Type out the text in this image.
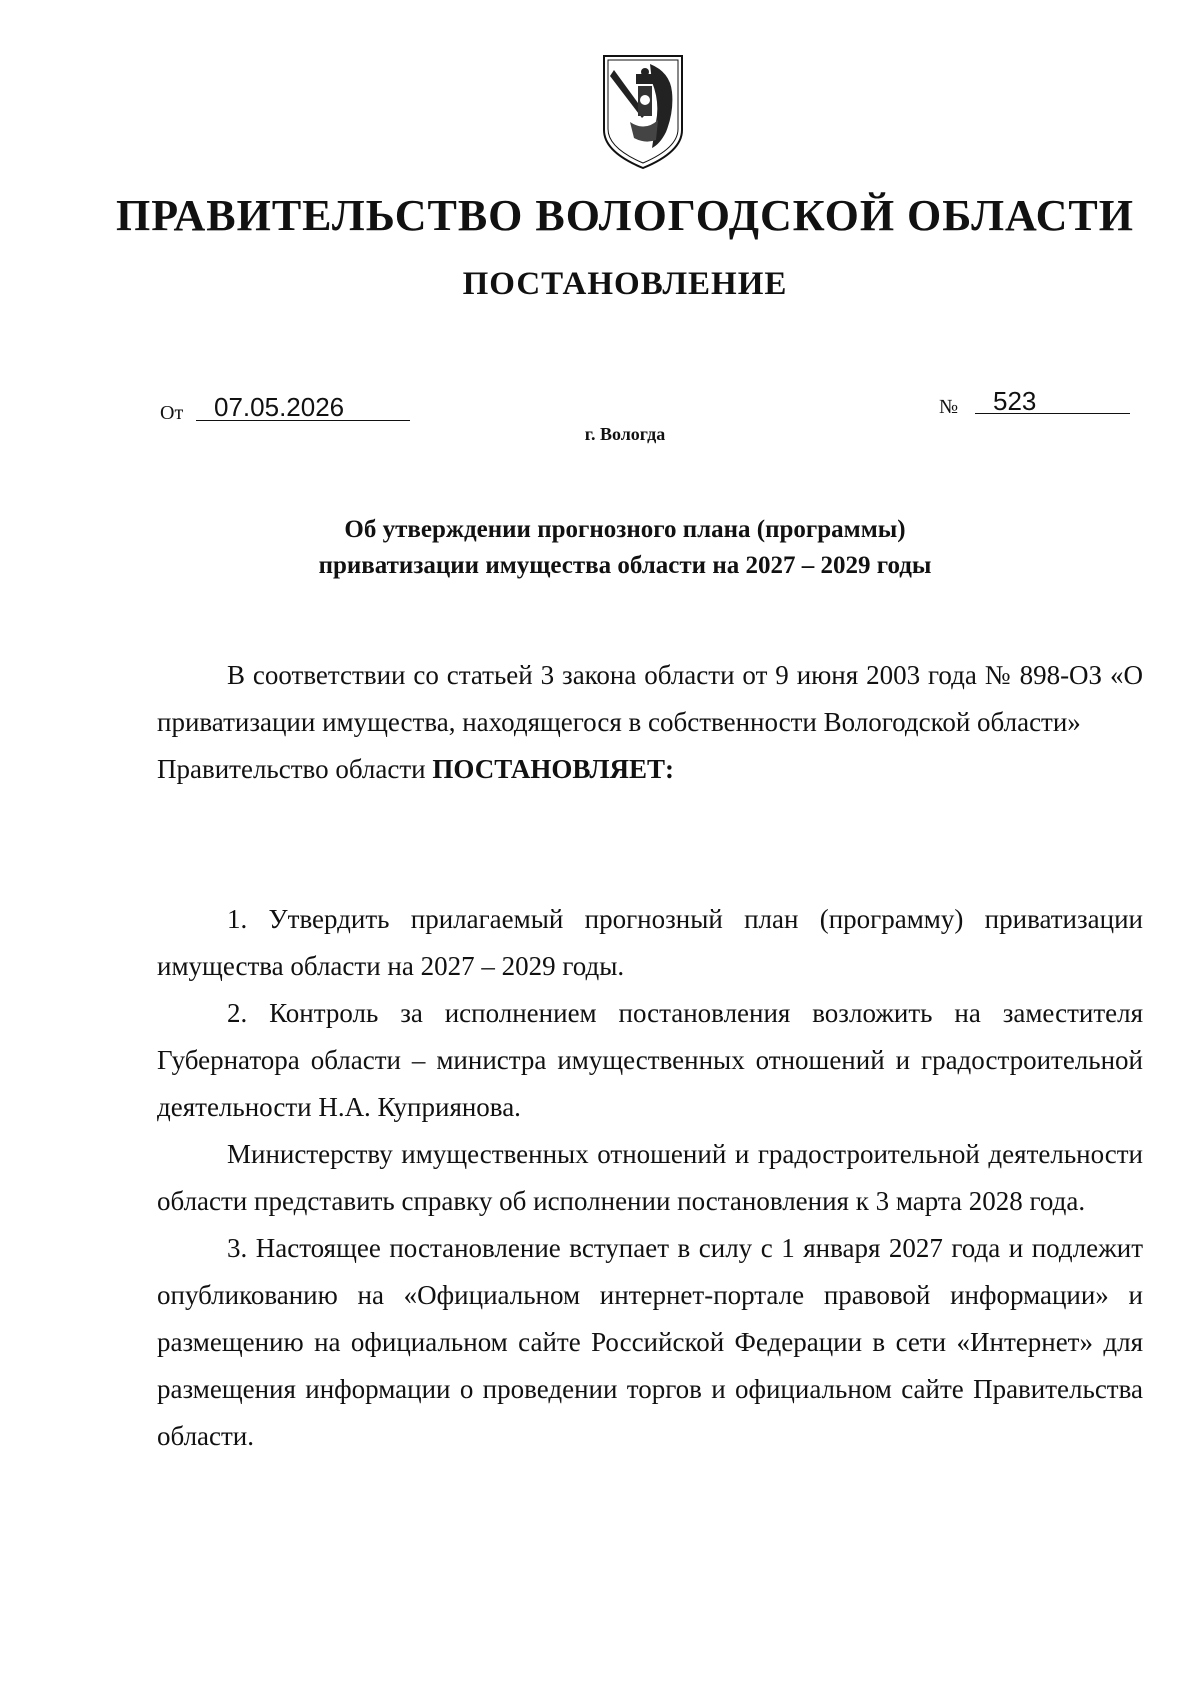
ПРАВИТЕЛЬСТВО ВОЛОГОДСКОЙ ОБЛАСТИ
ПОСТАНОВЛЕНИЕ
От 07.05.2026	№ 523
г. Вологда
Об утверждении прогнозного плана (программы)
приватизации имущества области на 2027 – 2029 годы

В соответствии со статьей 3 закона области от 9 июня 2003 года № 898-ОЗ «О приватизации имущества, находящегося в собственности Вологодской области»

Правительство области ПОСТАНОВЛЯЕТ:

1. Утвердить прилагаемый прогнозный план (программу) приватизации имущества области на 2027 – 2029 годы.

2. Контроль за исполнением постановления возложить на заместителя Губернатора области – министра имущественных отношений и градостроительной деятельности Н.А. Куприянова.

Министерству имущественных отношений и градостроительной деятельности области представить справку об исполнении постановления к 3 марта 2028 года.

3. Настоящее постановление вступает в силу с 1 января 2027 года и подлежит опубликованию на «Официальном интернет-портале правовой информации» и размещению на официальном сайте Российской Федерации в сети «Интернет» для размещения информации о проведении торгов и официальном сайте Правительства области.
